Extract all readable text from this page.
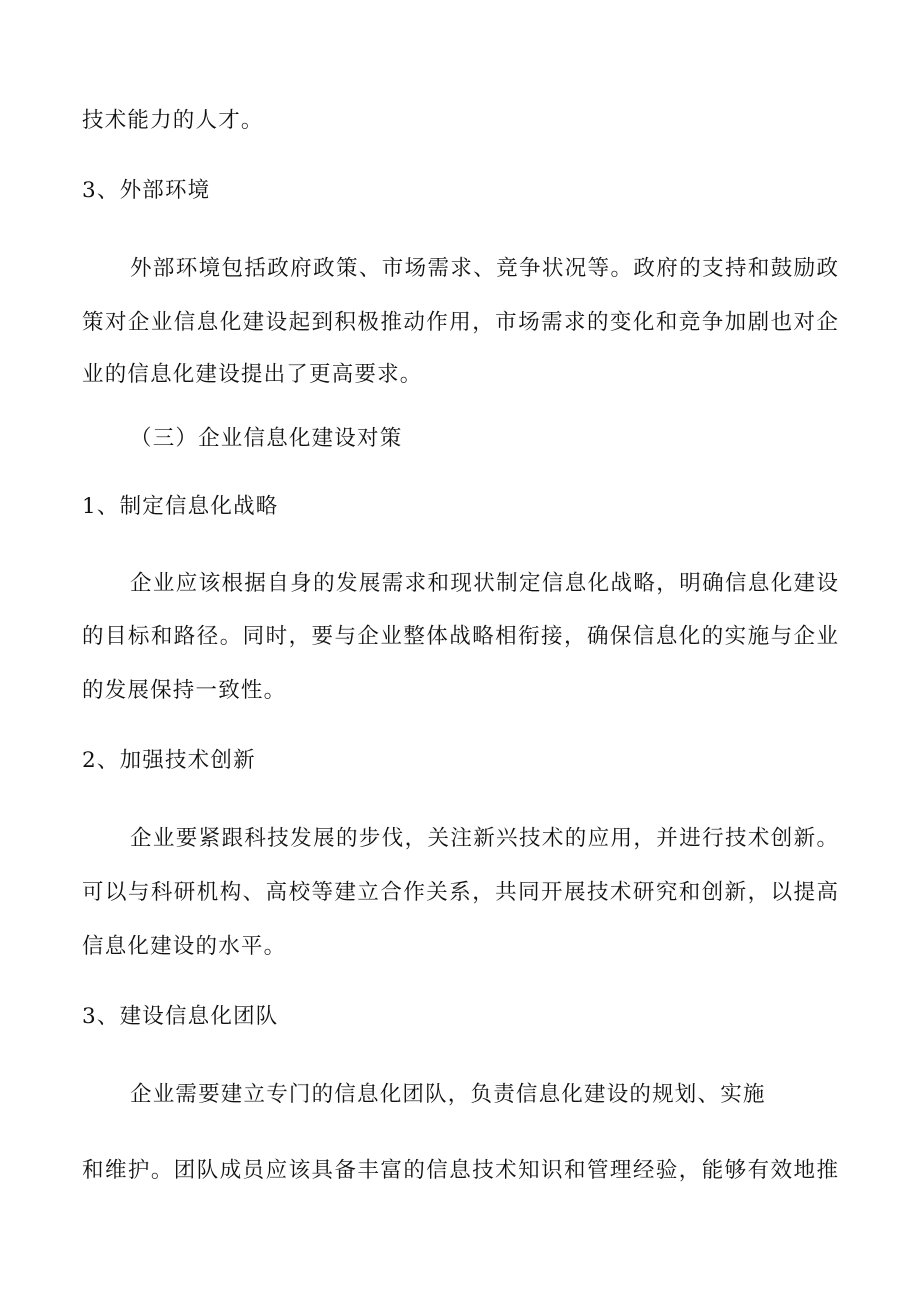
技术能力的人才。
3、外部环境
外部环境包括政府政策、市场需求、竞争状况等。政府的支持和鼓励政
策对企业信息化建设起到积极推动作用，市场需求的变化和竞争加剧也对企
业的信息化建设提出了更高要求。
（三）企业信息化建设对策
1、制定信息化战略
企业应该根据自身的发展需求和现状制定信息化战略，明确信息化建设
的目标和路径。同时，要与企业整体战略相衔接，确保信息化的实施与企业
的发展保持一致性。
2、加强技术创新
企业要紧跟科技发展的步伐，关注新兴技术的应用，并进行技术创新。
可以与科研机构、高校等建立合作关系，共同开展技术研究和创新，以提高
信息化建设的水平。
3、建设信息化团队
企业需要建立专门的信息化团队，负责信息化建设的规划、实施
和维护。团队成员应该具备丰富的信息技术知识和管理经验，能够有效地推
